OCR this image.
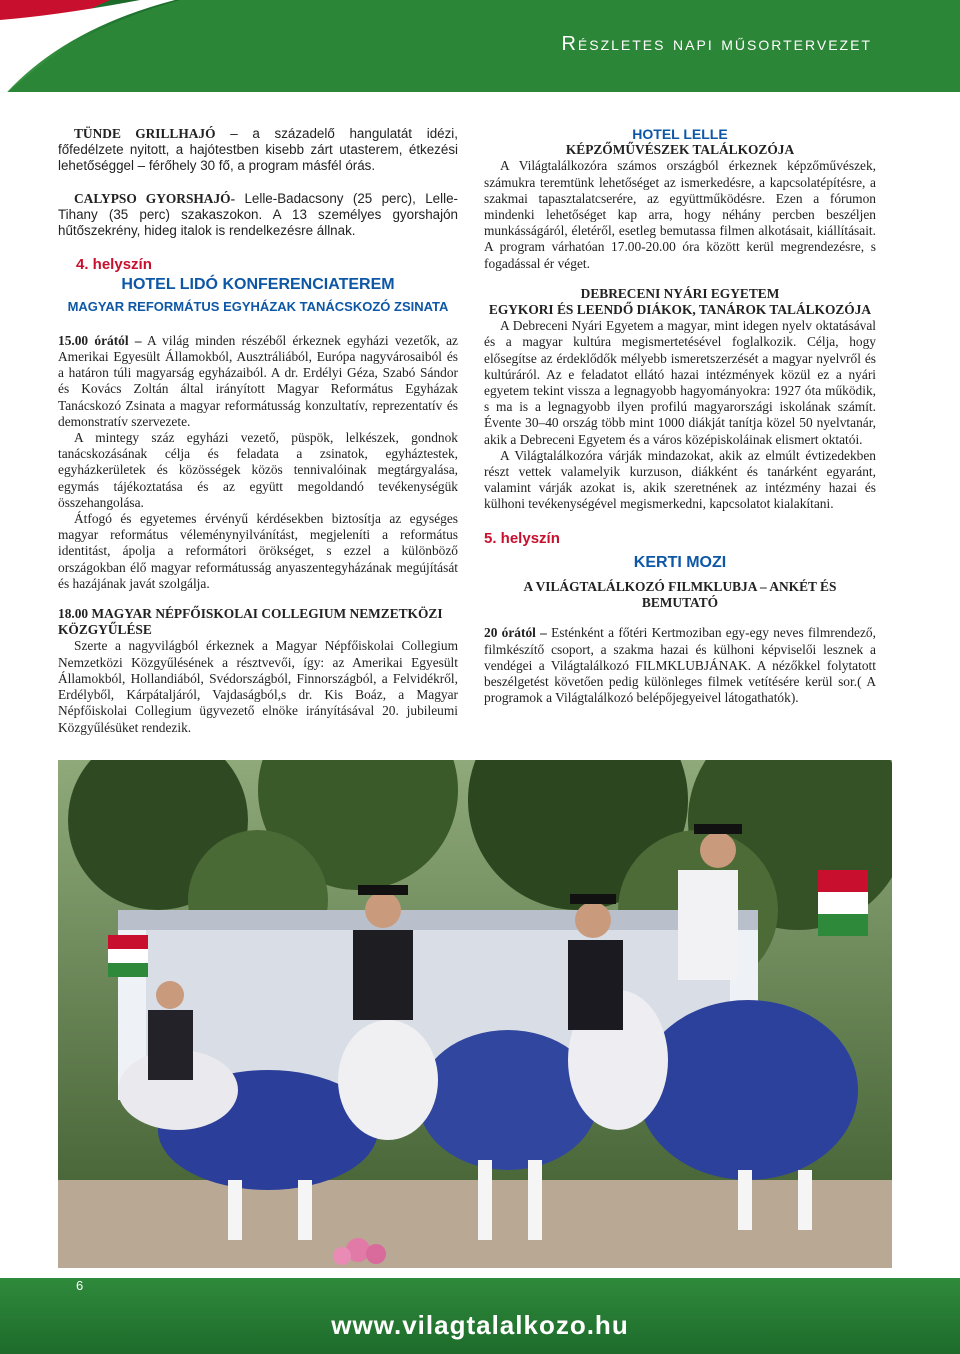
Részletes napi műsortervezet

TÜNDE GRILLHAJÓ – a századelő hangulatát idézi, főfedélzete nyitott, a hajótestben kisebb zárt utasterem, étkezési lehetőséggel – férőhely 30 fő, a program másfél órás.

CALYPSO GYORSHAJÓ- Lelle-Badacsony (25 perc), Lelle-Tihany (35 perc) szakaszokon. A 13 személyes gyorshajón hűtőszekrény, hideg italok is rendelkezésre állnak.

4. helyszín
HOTEL LIDÓ KONFERENCIATEREM
MAGYAR REFORMÁTUS EGYHÁZAK TANÁCSKOZÓ ZSINATA

15.00 órától – A világ minden részéből érkeznek egyházi vezetők, az Amerikai Egyesült Államokból, Ausztráliából, Európa nagyvárosaiból és a határon túli magyarság egyházaiból. A dr. Erdélyi Géza, Szabó Sándor és Kovács Zoltán által irányított Magyar Református Egyházak Tanácskozó Zsinata a magyar reformátusság konzultatív, reprezentatív és demonstratív szervezete.

A mintegy száz egyházi vezető, püspök, lelkészek, gondnok tanácskozásának célja és feladata a zsinatok, egyháztestek, egyházkerületek és közösségek közös tennivalóinak megtárgyalása, egymás tájékoztatása és az együtt megoldandó tevékenységük összehangolása.

Átfogó és egyetemes érvényű kérdésekben biztosítja az egységes magyar református véleménynyilvánítást, megjeleníti a református identitást, ápolja a reformátori örökséget, s ezzel a különböző országokban élő magyar reformátusság anyaszentegyházának megújítását és hazájának javát szolgálja.

18.00 MAGYAR NÉPFŐISKOLAI COLLEGIUM NEMZETKÖZI KÖZGYŰLÉSE

Szerte a nagyvilágból érkeznek a Magyar Népfőiskolai Collegium Nemzetközi Közgyűlésének a résztvevői, így: az Amerikai Egyesült Államokból, Hollandiából, Svédországból, Finnországból, a Felvidékről, Erdélyből, Kárpátaljáról, Vajdaságból,s dr. Kis Boáz, a Magyar Népfőiskolai Collegium ügyvezető elnöke irányításával 20. jubileumi Közgyűlésüket rendezik.

HOTEL LELLE
KÉPZŐMŰVÉSZEK TALÁLKOZÓJA

A Világtalálkozóra számos országból érkeznek képzőművészek, számukra teremtünk lehetőséget az ismerkedésre, a kapcsolatépítésre, a szakmai tapasztalatcserére, az együttműködésre. Ezen a fórumon mindenki lehetőséget kap arra, hogy néhány percben beszéljen munkásságáról, életéről, esetleg bemutassa filmen alkotásait, kiállításait. A program várhatóan 17.00-20.00 óra között kerül megrendezésre, s fogadással ér véget.

DEBRECENI NYÁRI EGYETEM
EGYKORI ÉS LEENDŐ DIÁKOK, TANÁROK TALÁLKOZÓJA

A Debreceni Nyári Egyetem a magyar, mint idegen nyelv oktatásával és a magyar kultúra megismertetésével foglalkozik. Célja, hogy elősegítse az érdeklődők mélyebb ismeretszerzését a magyar nyelvről és kultúráról. Az e feladatot ellátó hazai intézmények közül ez a nyári egyetem tekint vissza a legnagyobb hagyományokra: 1927 óta működik, s ma is a legnagyobb ilyen profilú magyarországi iskolának számít. Évente 30–40 ország több mint 1000 diákját tanítja közel 50 nyelvtanár, akik a Debreceni Egyetem és a város középiskoláinak elismert oktatói.

A Világtalálkozóra várják mindazokat, akik az elmúlt évtizedekben részt vettek valamelyik kurzuson, diákként és tanárként egyaránt, valamint várják azokat is, akik szeretnének az intézmény hazai és külhoni tevékenységével megismerkedni, kapcsolatot kialakítani.

5. helyszín
KERTI MOZI
A VILÁGTALÁLKOZÓ FILMKLUBJA – ANKÉT ÉS BEMUTATÓ

20 órától – Esténként a főtéri Kertmoziban egy-egy neves filmrendező, filmkészítő csoport, a szakma hazai és külhoni képviselői lesznek a vendégei a Világtalálkozó FILMKLUBJÁNAK. A nézőkkel folytatott beszélgetést követően pedig különleges filmek vetítésére kerül sor.( A programok a Világtalálkozó belépőjegyeivel látogathatók).

6
www.vilagtalalkozo.hu
